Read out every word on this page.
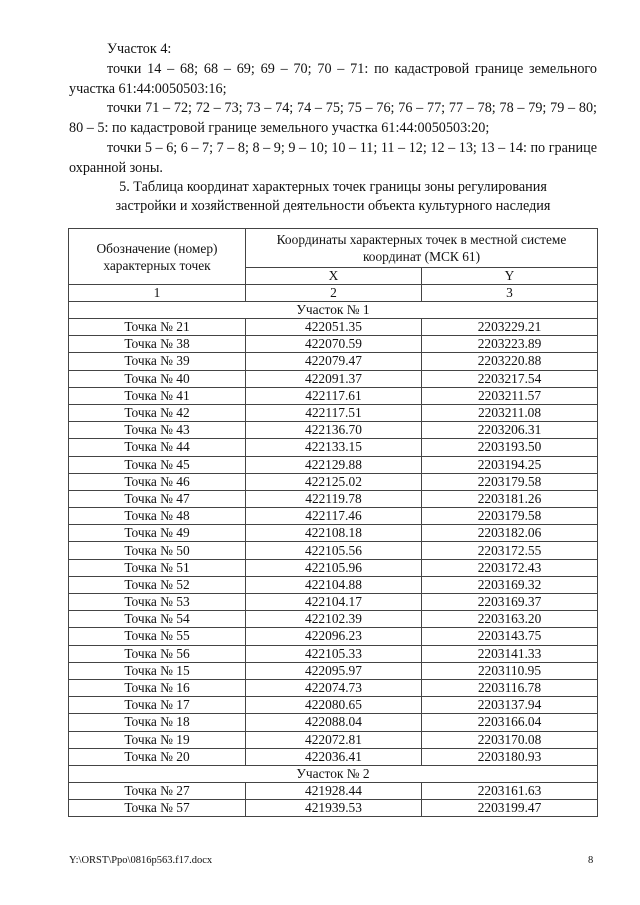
Участок 4:

точки 14 – 68; 68 – 69; 69 – 70; 70 – 71: по кадастровой границе земельного участка 61:44:0050503:16;

точки 71 – 72; 72 – 73; 73 – 74; 74 – 75; 75 – 76; 76 – 77; 77 – 78; 78 – 79; 79 – 80; 80 – 5: по кадастровой границе земельного участка 61:44:0050503:20;

точки 5 – 6; 6 – 7; 7 – 8; 8 – 9; 9 – 10; 10 – 11; 11 – 12; 12 – 13; 13 – 14: по границе охранной зоны.

5. Таблица координат характерных точек границы зоны регулирования
застройки и хозяйственной деятельности объекта культурного наследия
Обозначение (номер) характерных точек	Координаты характерных точек в местной системе координат (МСК 61)	
	X	Y
1	2	3
Участок № 1		
Точка № 21	422051.35	2203229.21
Точка № 38	422070.59	2203223.89
Точка № 39	422079.47	2203220.88
Точка № 40	422091.37	2203217.54
Точка № 41	422117.61	2203211.57
Точка № 42	422117.51	2203211.08
Точка № 43	422136.70	2203206.31
Точка № 44	422133.15	2203193.50
Точка № 45	422129.88	2203194.25
Точка № 46	422125.02	2203179.58
Точка № 47	422119.78	2203181.26
Точка № 48	422117.46	2203179.58
Точка № 49	422108.18	2203182.06
Точка № 50	422105.56	2203172.55
Точка № 51	422105.96	2203172.43
Точка № 52	422104.88	2203169.32
Точка № 53	422104.17	2203169.37
Точка № 54	422102.39	2203163.20
Точка № 55	422096.23	2203143.75
Точка № 56	422105.33	2203141.33
Точка № 15	422095.97	2203110.95
Точка № 16	422074.73	2203116.78
Точка № 17	422080.65	2203137.94
Точка № 18	422088.04	2203166.04
Точка № 19	422072.81	2203170.08
Точка № 20	422036.41	2203180.93
Участок № 2		
Точка № 27	421928.44	2203161.63
Точка № 57	421939.53	2203199.47
Y:\ORST\Ppo\0816p563.f17.docx	8
